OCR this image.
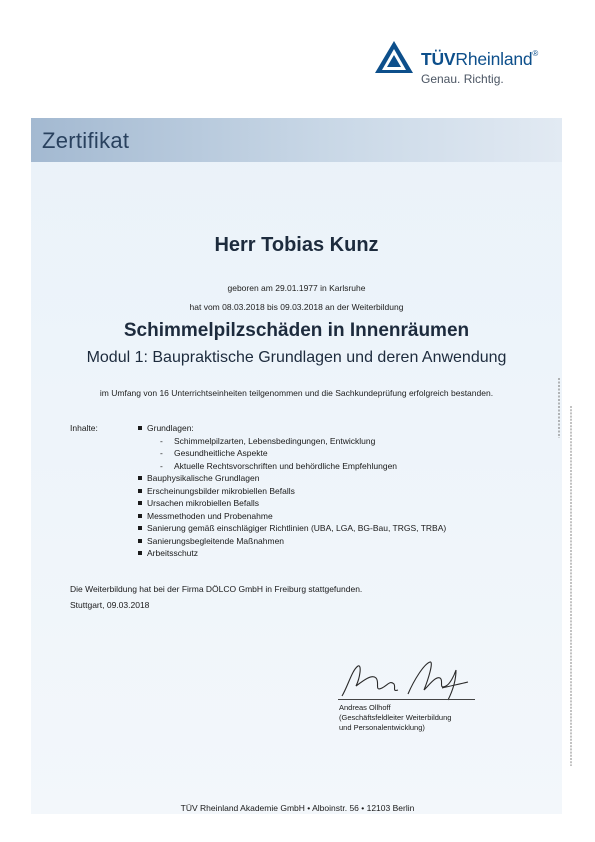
TÜVRheinland®
Genau. Richtig.
Zertifikat
Herr Tobias Kunz
geboren am 29.01.1977 in Karlsruhe
hat vom 08.03.2018 bis 09.03.2018 an der Weiterbildung
Schimmelpilzschäden in Innenräumen
Modul 1: Baupraktische Grundlagen und deren Anwendung
im Umfang von 16 Unterrichtseinheiten teilgenommen und die Sachkundeprüfung erfolgreich bestanden.
Inhalte:	Grundlagen:
- Schimmelpilzarten, Lebensbedingungen, Entwicklung
- Gesundheitliche Aspekte
- Aktuelle Rechtsvorschriften und behördliche Empfehlungen
Bauphysikalische Grundlagen
Erscheinungsbilder mikrobiellen Befalls
Ursachen mikrobiellen Befalls
Messmethoden und Probenahme
Sanierung gemäß einschlägiger Richtlinien (UBA, LGA, BG-Bau, TRGS, TRBA)
Sanierungsbegleitende Maßnahmen
Arbeitsschutz
Die Weiterbildung hat bei der Firma DÖLCO GmbH in Freiburg stattgefunden.
Stuttgart, 09.03.2018
Andreas Ollhoff
(Geschäftsfeldleiter Weiterbildung
und Personalentwicklung)
TÜV Rheinland Akademie GmbH • Alboinstr. 56 • 12103 Berlin
